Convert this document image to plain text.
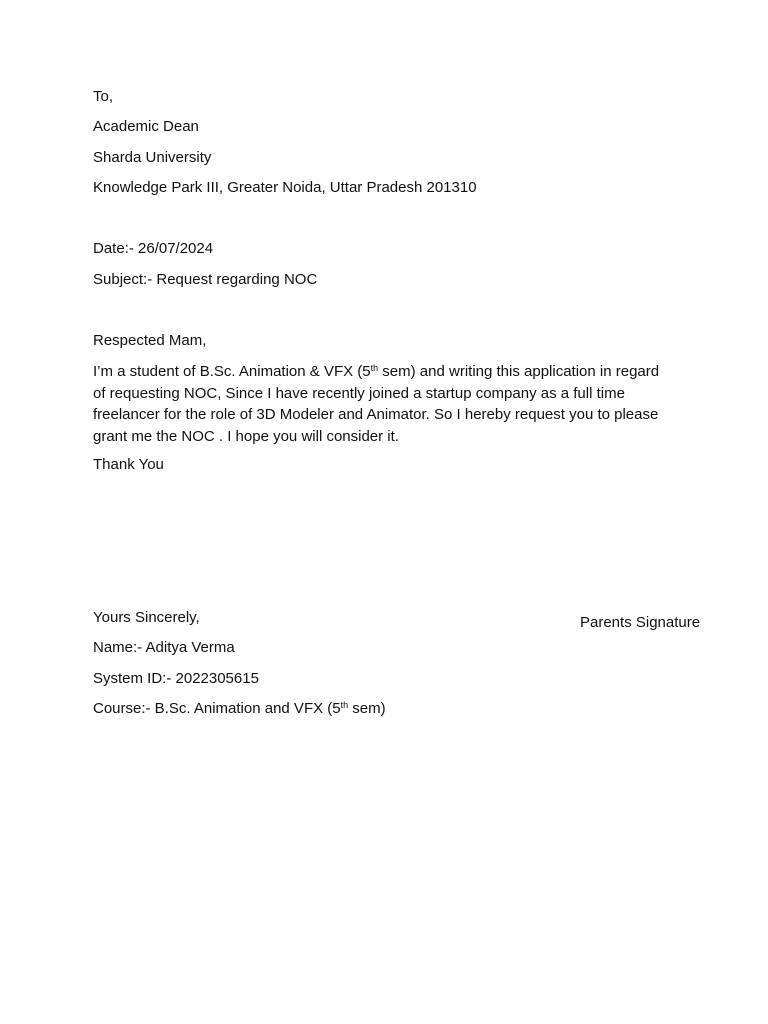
To,
Academic Dean
Sharda University
Knowledge Park III, Greater Noida, Uttar Pradesh 201310
Date:- 26/07/2024
Subject:- Request regarding NOC
Respected Mam,
I’m a student of B.Sc. Animation & VFX (5th sem) and writing this application in regard
of requesting NOC, Since I have recently joined a startup company as a full time
freelancer for the role of 3D Modeler and Animator. So I hereby request you to please
grant me the NOC . I hope you will consider it.
Thank You
Yours Sincerely,	Parents Signature
Name:- Aditya Verma
System ID:- 2022305615
Course:- B.Sc. Animation and VFX (5th sem)
